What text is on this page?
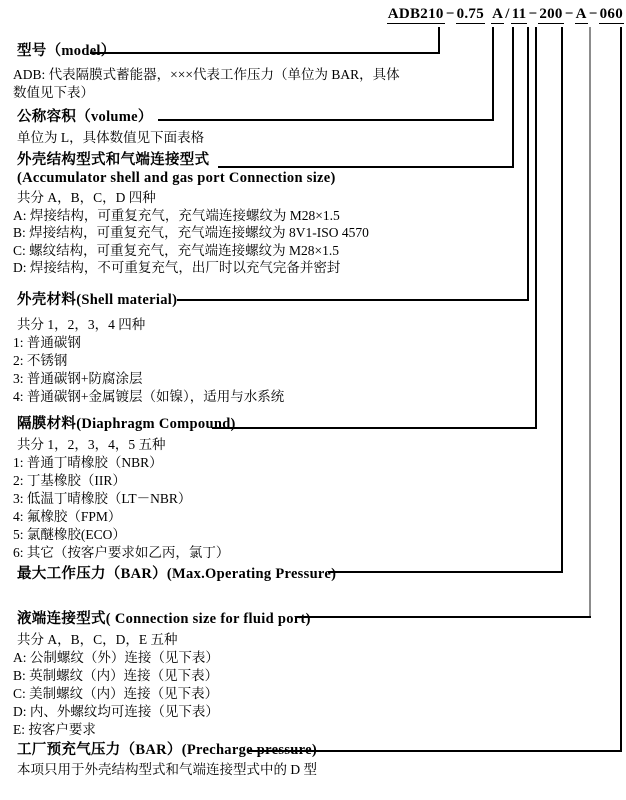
ADB210 − 0.75 A / 11 − 200 − A − 060
型号（model）
ADB: 代表隔膜式蓄能器，×××代表工作压力（单位为 BAR，具体
数值见下表）
公称容积（volume）
单位为 L，具体数值见下面表格
外壳结构型式和气端连接型式
(Accumulator shell and gas port Connection size)
共分 A，B，C，D 四种
A: 焊接结构，可重复充气，充气端连接螺纹为 M28×1.5
B: 焊接结构，可重复充气，充气端连接螺纹为 8V1-ISO 4570
C: 螺纹结构，可重复充气，充气端连接螺纹为 M28×1.5
D: 焊接结构，不可重复充气，出厂时以充气完备并密封
外壳材料(Shell material)
共分 1，2，3，4 四种
1: 普通碳钢
2: 不锈钢
3: 普通碳钢+防腐涂层
4: 普通碳钢+金属镀层（如镍），适用与水系统
隔膜材料(Diaphragm Compound)
共分 1，2，3，4，5 五种
1: 普通丁晴橡胶（NBR）
2: 丁基橡胶（IIR）
3: 低温丁晴橡胶（LT－NBR）
4: 氟橡胶（FPM）
5: 氯醚橡胶(ECO）
6: 其它（按客户要求如乙丙，氯丁）
最大工作压力（BAR）(Max.Operating Pressure)
液端连接型式( Connection size for fluid port)
共分 A，B，C，D，E 五种
A: 公制螺纹（外）连接（见下表）
B: 英制螺纹（内）连接（见下表）
C: 美制螺纹（内）连接（见下表）
D: 内、外螺纹均可连接（见下表）
E: 按客户要求
工厂预充气压力（BAR）(Precharge pressure)
本项只用于外壳结构型式和气端连接型式中的 D 型
